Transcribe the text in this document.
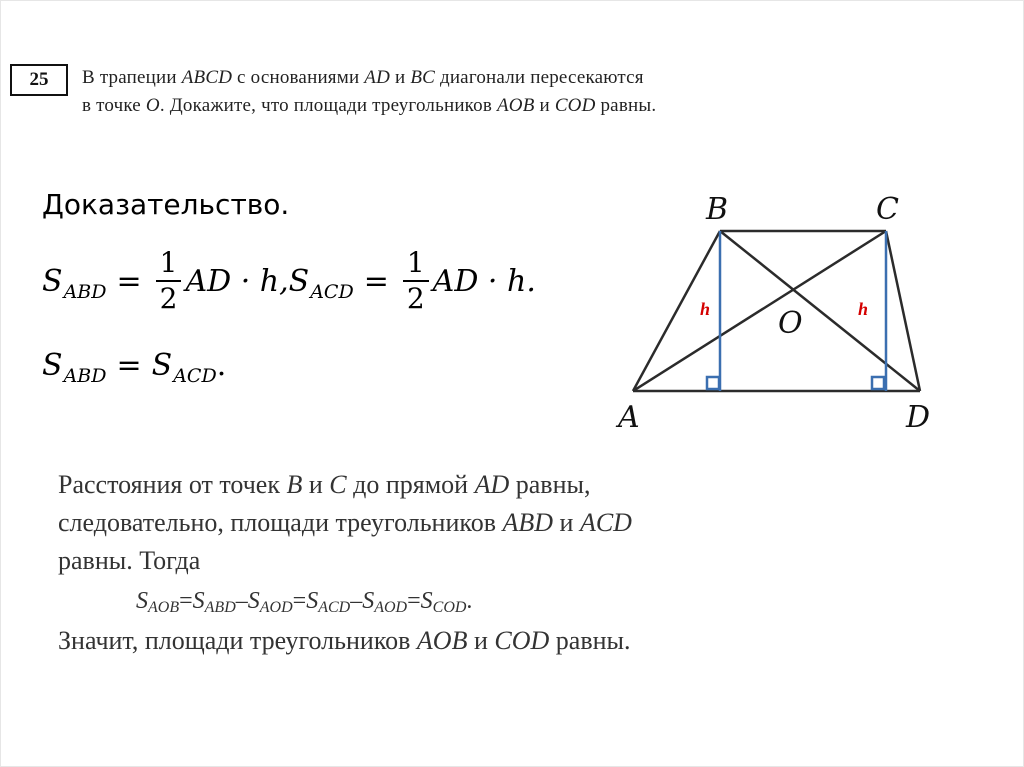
25	В трапеции ABCD с основаниями AD и BC диагонали пересекаются
в точке O. Докажите, что площади треугольников AOB и COD равны.
Доказательство.
S ABD = $\frac{1}{2}$ AD · h, S ACD = $\frac{1}{2}$ AD · h.
S ABD = S ACD .
B	C
A	D
O
h	h
Расстояния от точек B и C до прямой AD равны,
следовательно, площади треугольников ABD и ACD
равны. Тогда
S AOB = S ABD – S AOD = S ACD – S AOD = S COD .
Значит, площади треугольников AOB и COD равны.
